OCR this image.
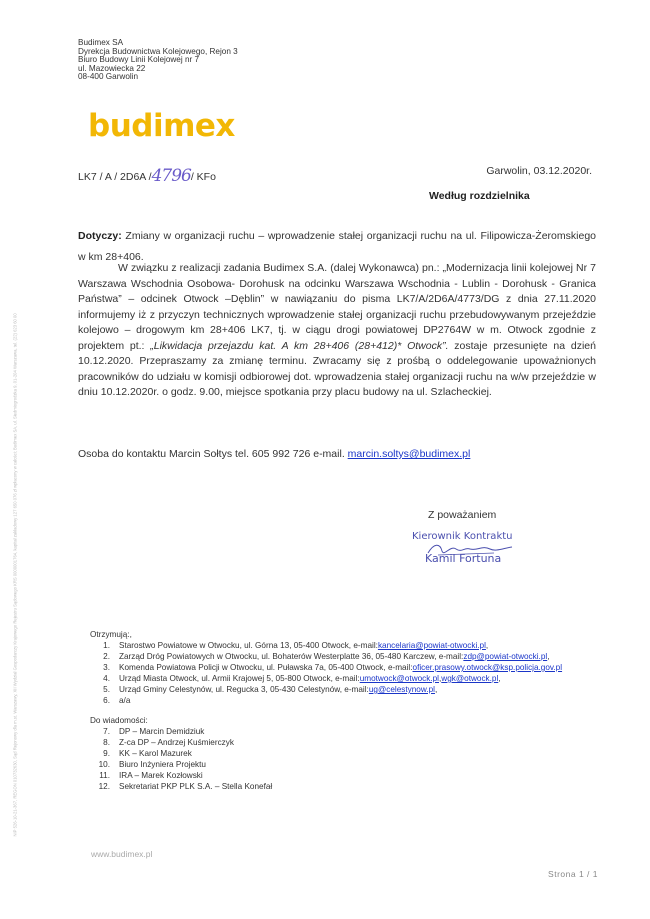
NIP 526-10-21-367, REGON 010732630, Sąd Rejonowy dla m.st. Warszawy, XII Wydział Gospodarczy Krajowego Rejestru Sądowego KRS 0000001764, kapitał zakładowy 127 650 076 zł wpłacony w całości; Budimex SA, ul. Siedmiogrodzka 9, 01-204 Warszawa, tel. (22) 623 60 00
Budimex SA
Dyrekcja Budownictwa Kolejowego, Rejon 3
Biuro Budowy Linii Kolejowej nr 7
ul. Mazowiecka 22
08-400 Garwolin
budimex
LK7 / A / 2D6A /4796/ KFo	Garwolin, 03.12.2020r.
Według rozdzielnika
Dotyczy: Zmiany w organizacji ruchu – wprowadzenie stałej organizacji ruchu na ul. Filipowicza-Żeromskiego w km 28+406.
W związku z realizacji zadania Budimex S.A. (dalej Wykonawca) pn.: „Modernizacja linii kolejowej Nr 7 Warszawa Wschodnia Osobowa- Dorohusk na odcinku Warszawa Wschodnia - Lublin - Dorohusk - Granica Państwa” – odcinek Otwock –Dęblin” w nawiązaniu do pisma LK7/A/2D6A/4773/DG z dnia 27.11.2020 informujemy iż z przyczyn technicznych wprowadzenie stałej organizacji ruchu przebudowywanym przejeździe kolejowo – drogowym km 28+406 LK7, tj. w ciągu drogi powiatowej DP2764W w m. Otwock zgodnie z projektem pt.: „Likwidacja przejazdu kat. A km 28+406 (28+412)* Otwock”. zostaje przesunięte na dzień 10.12.2020. Przepraszamy za zmianę terminu. Zwracamy się z prośbą o oddelegowanie upoważnionych pracowników do udziału w komisji odbiorowej dot. wprowadzenia stałej organizacji ruchu na w/w przejeździe w dniu 10.12.2020r. o godz. 9.00, miejsce spotkania przy placu budowy na ul. Szlacheckiej.
Osoba do kontaktu Marcin Sołtys tel. 605 992 726 e-mail. marcin.soltys@budimex.pl
Z poważaniem
Kierownik Kontraktu
Kamil Fortuna
Otrzymują:,
1. Starostwo Powiatowe w Otwocku, ul. Górna 13, 05-400 Otwock, e-mail: kancelaria@powiat-otwocki.pl ,
2. Zarząd Dróg Powiatowych w Otwocku, ul. Bohaterów Westerplatte 36, 05-480 Karczew, e-mail: zdp@powiat-otwocki.pl ,
3. Komenda Powiatowa Policji w Otwocku, ul. Puławska 7a, 05-400 Otwock, e-mail: oficer.prasowy.otwock@ksp.policja.gov.pl
4. Urząd Miasta Otwock, ul. Armii Krajowej 5, 05-800 Otwock, e-mail: umotwock@otwock.pl , wgk@otwock.pl ,
5. Urząd Gminy Celestynów, ul. Regucka 3, 05-430 Celestynów, e-mail: ug@celestynow.pl ,
6. a/a
Do wiadomości:
7. DP – Marcin Demidziuk
8. Z-ca DP – Andrzej Kuśmierczyk
9. KK – Karol Mazurek
10. Biuro Inżyniera Projektu
11. IRA – Marek Kozłowski
12. Sekretariat PKP PLK S.A. – Stella Konefał
www.budimex.pl
Strona 1 / 1
